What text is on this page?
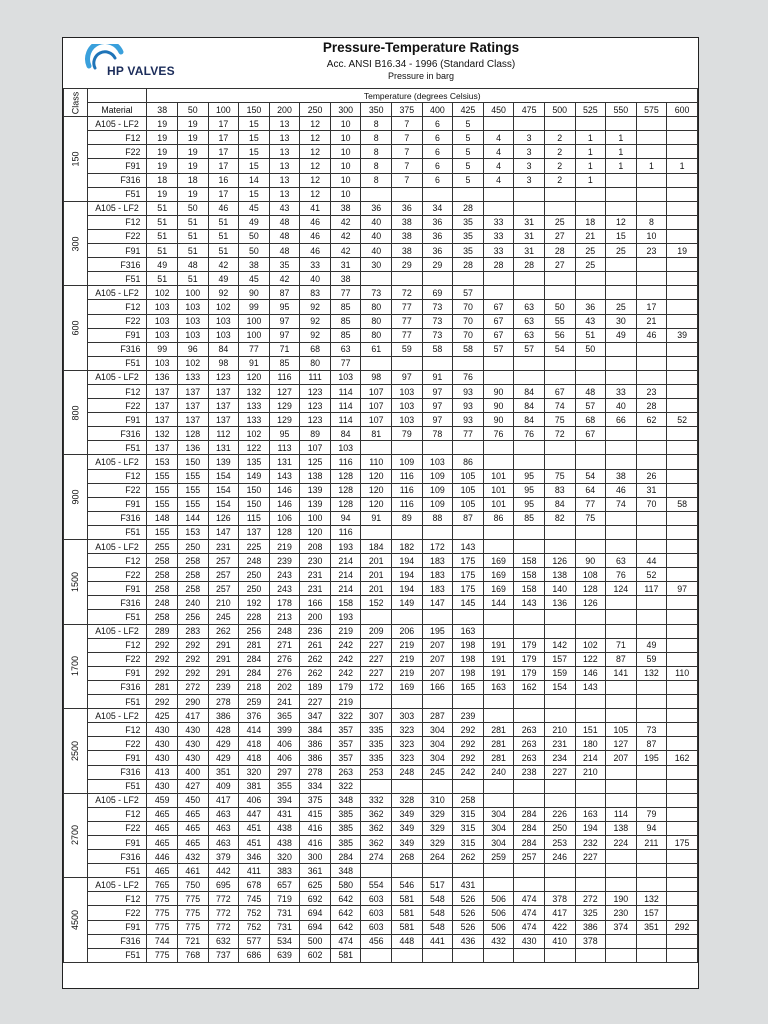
HP VALVES
Pressure-Temperature Ratings
Acc. ANSI B16.34 - 1996 (Standard Class)
Pressure in barg
Class		Temperature (degrees Celsius)																	
	Material	38	50	100	150	200	250	300	350	375	400	425	450	475	500	525	550	575	600
150	A105 - LF2	19	19	17	15	13	12	10	8	7	6	5							
	F12	19	19	17	15	13	12	10	8	7	6	5	4	3	2	1	1		
	F22	19	19	17	15	13	12	10	8	7	6	5	4	3	2	1	1		
	F91	19	19	17	15	13	12	10	8	7	6	5	4	3	2	1	1	1	1
	F316	18	18	16	14	13	12	10	8	7	6	5	4	3	2	1			
	F51	19	19	17	15	13	12	10											
300	A105 - LF2	51	50	46	45	43	41	38	36	36	34	28							
	F12	51	51	51	49	48	46	42	40	38	36	35	33	31	25	18	12	8	
	F22	51	51	51	50	48	46	42	40	38	36	35	33	31	27	21	15	10	
	F91	51	51	51	50	48	46	42	40	38	36	35	33	31	28	25	25	23	19
	F316	49	48	42	38	35	33	31	30	29	29	28	28	28	27	25			
	F51	51	51	49	45	42	40	38											
600	A105 - LF2	102	100	92	90	87	83	77	73	72	69	57							
	F12	103	103	102	99	95	92	85	80	77	73	70	67	63	50	36	25	17	
	F22	103	103	103	100	97	92	85	80	77	73	70	67	63	55	43	30	21	
	F91	103	103	103	100	97	92	85	80	77	73	70	67	63	56	51	49	46	39
	F316	99	96	84	77	71	68	63	61	59	58	58	57	57	54	50			
	F51	103	102	98	91	85	80	77											
800	A105 - LF2	136	133	123	120	116	111	103	98	97	91	76							
	F12	137	137	137	132	127	123	114	107	103	97	93	90	84	67	48	33	23	
	F22	137	137	137	133	129	123	114	107	103	97	93	90	84	74	57	40	28	
	F91	137	137	137	133	129	123	114	107	103	97	93	90	84	75	68	66	62	52
	F316	132	128	112	102	95	89	84	81	79	78	77	76	76	72	67			
	F51	137	136	131	122	113	107	103											
900	A105 - LF2	153	150	139	135	131	125	116	110	109	103	86							
	F12	155	155	154	149	143	138	128	120	116	109	105	101	95	75	54	38	26	
	F22	155	155	154	150	146	139	128	120	116	109	105	101	95	83	64	46	31	
	F91	155	155	154	150	146	139	128	120	116	109	105	101	95	84	77	74	70	58
	F316	148	144	126	115	106	100	94	91	89	88	87	86	85	82	75			
	F51	155	153	147	137	128	120	116											
1500	A105 - LF2	255	250	231	225	219	208	193	184	182	172	143							
	F12	258	258	257	248	239	230	214	201	194	183	175	169	158	126	90	63	44	
	F22	258	258	257	250	243	231	214	201	194	183	175	169	158	138	108	76	52	
	F91	258	258	257	250	243	231	214	201	194	183	175	169	158	140	128	124	117	97
	F316	248	240	210	192	178	166	158	152	149	147	145	144	143	136	126			
	F51	258	256	245	228	213	200	193											
1700	A105 - LF2	289	283	262	256	248	236	219	209	206	195	163							
	F12	292	292	291	281	271	261	242	227	219	207	198	191	179	142	102	71	49	
	F22	292	292	291	284	276	262	242	227	219	207	198	191	179	157	122	87	59	
	F91	292	292	291	284	276	262	242	227	219	207	198	191	179	159	146	141	132	110
	F316	281	272	239	218	202	189	179	172	169	166	165	163	162	154	143			
	F51	292	290	278	259	241	227	219											
2500	A105 - LF2	425	417	386	376	365	347	322	307	303	287	239							
	F12	430	430	428	414	399	384	357	335	323	304	292	281	263	210	151	105	73	
	F22	430	430	429	418	406	386	357	335	323	304	292	281	263	231	180	127	87	
	F91	430	430	429	418	406	386	357	335	323	304	292	281	263	234	214	207	195	162
	F316	413	400	351	320	297	278	263	253	248	245	242	240	238	227	210			
	F51	430	427	409	381	355	334	322											
2700	A105 - LF2	459	450	417	406	394	375	348	332	328	310	258							
	F12	465	465	463	447	431	415	385	362	349	329	315	304	284	226	163	114	79	
	F22	465	465	463	451	438	416	385	362	349	329	315	304	284	250	194	138	94	
	F91	465	465	463	451	438	416	385	362	349	329	315	304	284	253	232	224	211	175
	F316	446	432	379	346	320	300	284	274	268	264	262	259	257	246	227			
	F51	465	461	442	411	383	361	348											
4500	A105 - LF2	765	750	695	678	657	625	580	554	546	517	431							
	F12	775	775	772	745	719	692	642	603	581	548	526	506	474	378	272	190	132	
	F22	775	775	772	752	731	694	642	603	581	548	526	506	474	417	325	230	157	
	F91	775	775	772	752	731	694	642	603	581	548	526	506	474	422	386	374	351	292
	F316	744	721	632	577	534	500	474	456	448	441	436	432	430	410	378			
	F51	775	768	737	686	639	602	581											
